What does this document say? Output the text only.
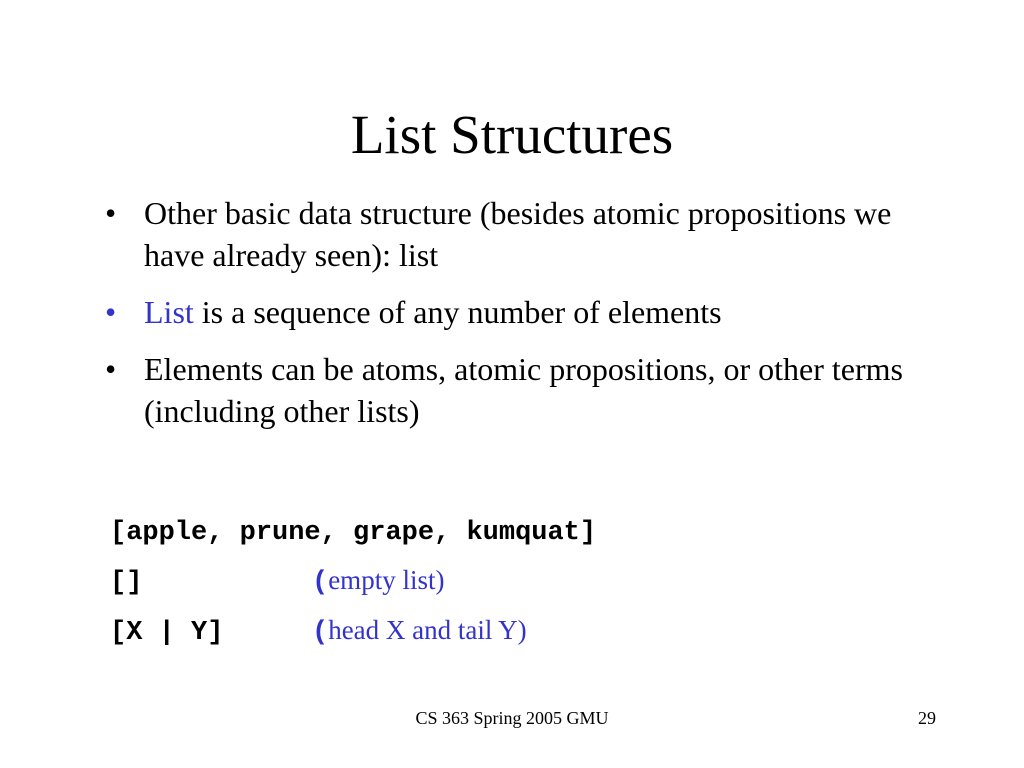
List Structures
• Other basic data structure (besides atomic propositions we have already seen): list
• List is a sequence of any number of elements
• Elements can be atoms, atomic propositions, or other terms (including other lists)
[apple, prune, grape, kumquat]
[]	(empty list)
[X | Y]	(head X and tail Y)
CS 363 Spring 2005 GMU	29
